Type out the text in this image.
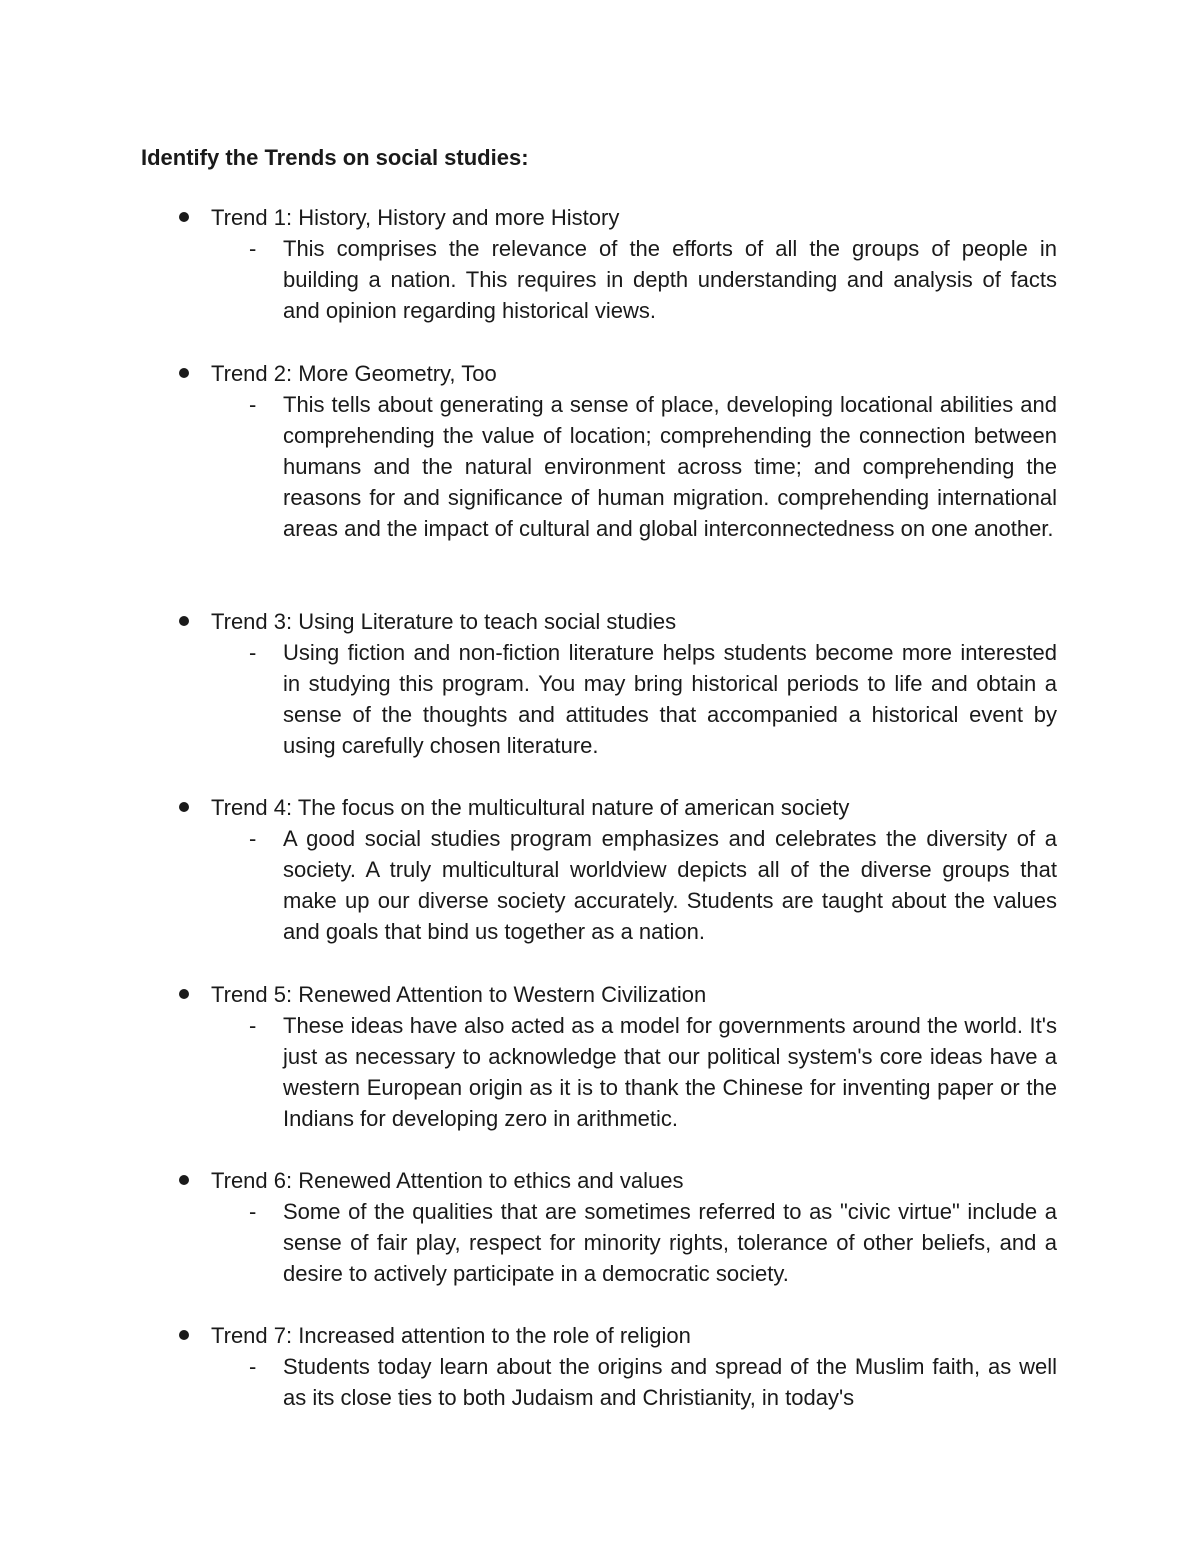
Identify the Trends on social studies:
Trend 1: History, History and more History
- This comprises the relevance of the efforts of all the groups of people in building a nation. This requires in depth understanding and analysis of facts and opinion regarding historical views.

Trend 2: More Geometry, Too
- This tells about generating a sense of place, developing locational abilities and comprehending the value of location; comprehending the connection between humans and the natural environment across time; and comprehending the reasons for and significance of human migration. comprehending international areas and the impact of cultural and global interconnectedness on one another.

Trend 3: Using Literature to teach social studies
- Using fiction and non-fiction literature helps students become more interested in studying this program. You may bring historical periods to life and obtain a sense of the thoughts and attitudes that accompanied a historical event by using carefully chosen literature.

Trend 4: The focus on the multicultural nature of american society
- A good social studies program emphasizes and celebrates the diversity of a society. A truly multicultural worldview depicts all of the diverse groups that make up our diverse society accurately. Students are taught about the values and goals that bind us together as a nation.

Trend 5: Renewed Attention to Western Civilization
- These ideas have also acted as a model for governments around the world. It's just as necessary to acknowledge that our political system's core ideas have a western European origin as it is to thank the Chinese for inventing paper or the Indians for developing zero in arithmetic.

Trend 6: Renewed Attention to ethics and values
- Some of the qualities that are sometimes referred to as "civic virtue" include a sense of fair play, respect for minority rights, tolerance of other beliefs, and a desire to actively participate in a democratic society.

Trend 7: Increased attention to the role of religion
- Students today learn about the origins and spread of the Muslim faith, as well as its close ties to both Judaism and Christianity, in today's
